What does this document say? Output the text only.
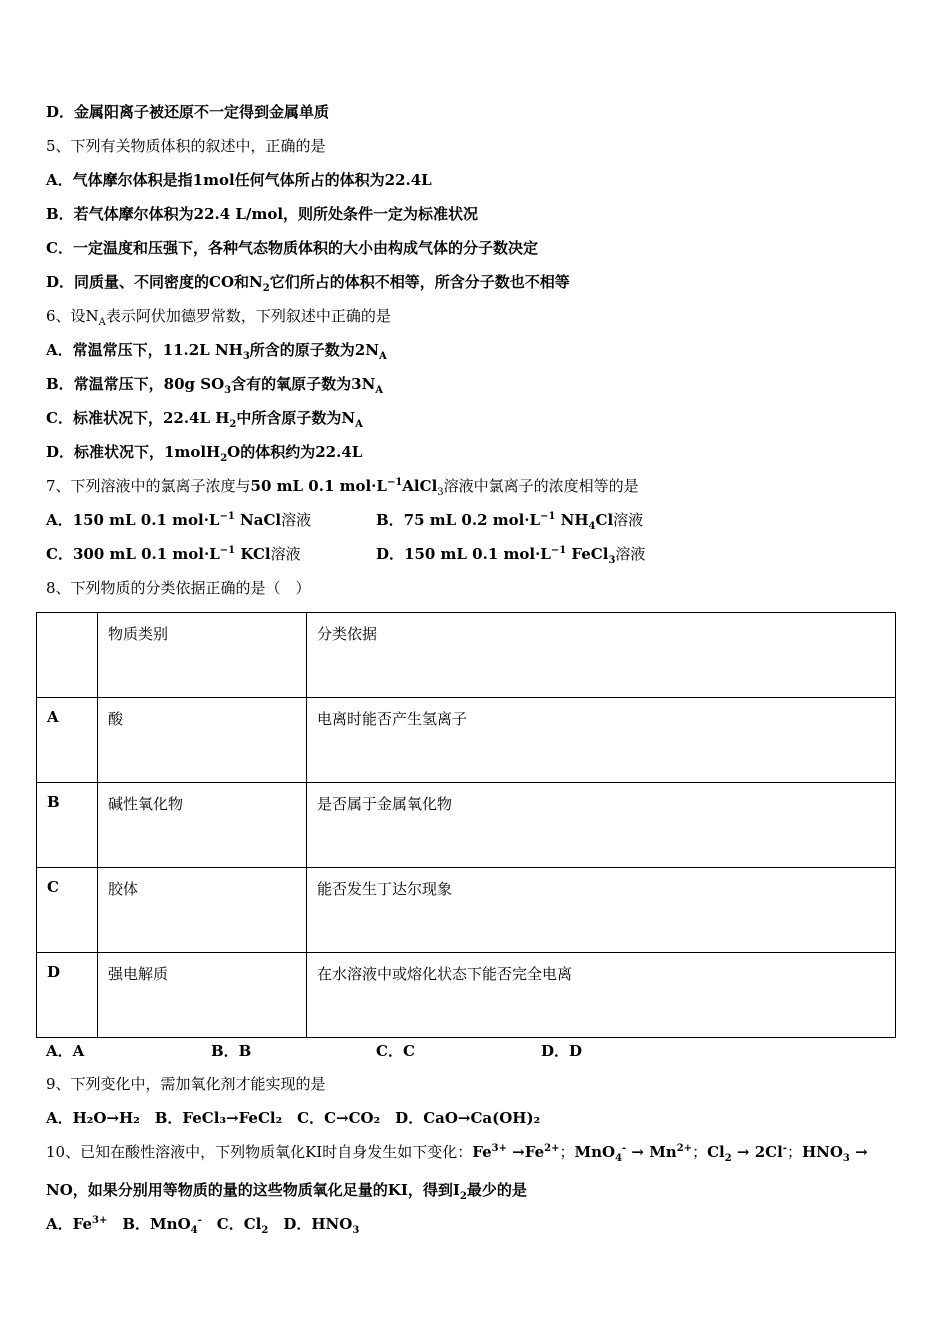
D．金属阳离子被还原不一定得到金属单质
5、下列有关物质体积的叙述中，正确的是
A．气体摩尔体积是指1mol任何气体所占的体积为22.4L
B．若气体摩尔体积为22.4 L/mol，则所处条件一定为标准状况
C．一定温度和压强下，各种气态物质体积的大小由构成气体的分子数决定
D．同质量、不同密度的CO和$N_2$它们所占的体积不相等，所含分子数也不相等
6、设$N_A$表示阿伏加德罗常数，下列叙述中正确的是
A．常温常压下，11.2L $NH_3$所含的原子数为$2N_A$
B．常温常压下，80g $SO_3$含有的氧原子数为$3N_A$
C．标准状况下，22.4L $H_2$中所含原子数为$N_A$
D．标准状况下，1molH$_2$O的体积约为22.4L
7、下列溶液中的氯离子浓度与50 mL 0.1 $mol\cdot L^{-1}AlCl_3$溶液中氯离子的浓度相等的是
A．150 mL 0.1 $mol\cdot L^{-1}$ NaCl溶液	B．75 mL 0.2 $mol\cdot L^{-1}$ $NH_4Cl$溶液
C．300 mL 0.1 $mol\cdot L^{-1}$ KCl溶液	D．150 mL 0.1 $mol\cdot L^{-1}$ FeCl$_3$溶液
8、下列物质的分类依据正确的是（　）
	物质类别	分类依据
A	酸	电离时能否产生氢离子
B	碱性氧化物	是否属于金属氧化物
C	胶体	能否发生丁达尔现象
D	强电解质	在水溶液中或熔化状态下能否完全电离
A．A	B．B	C．C	D．D
9、下列变化中，需加氧化剂才能实现的是
A．H₂O→H₂　B．FeCl₃→FeCl₂　C．C→CO₂　D．CaO→Ca(OH)₂
10、已知在酸性溶液中，下列物质氧化KI时自身发生如下变化：$Fe^{3+} \to Fe^{2+}$；$MnO_4^- \to Mn^{2+}$；$Cl_2 \to 2Cl^-$；$HNO_3$ →
NO，如果分别用等物质的量的这些物质氧化足量的KI，得到$I_2$最少的是
A．$Fe^{3+}$　 B．MnO$_4$-　 C．$Cl_2$　 D．$HNO_3$
